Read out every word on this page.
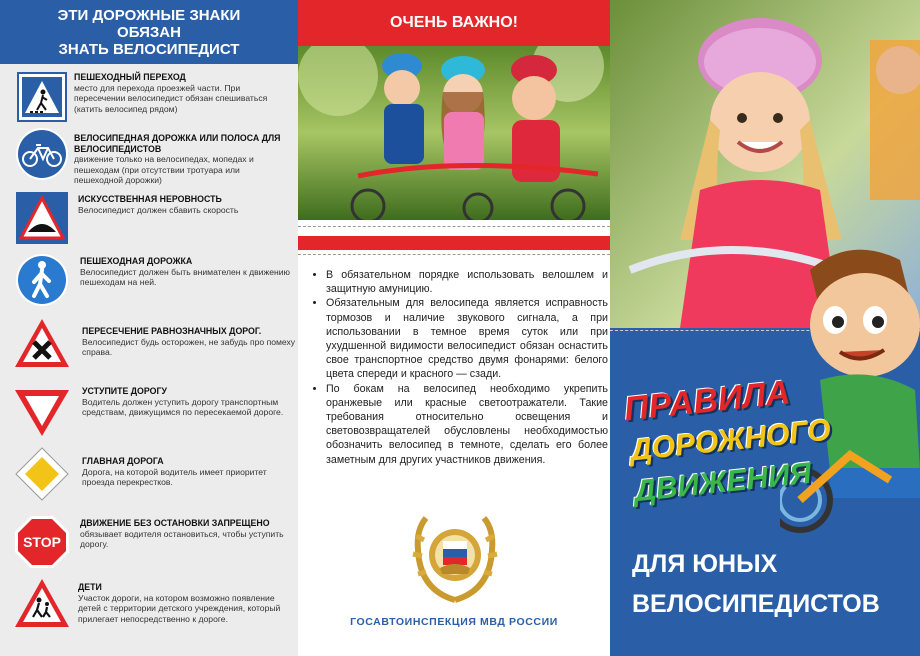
ЭТИ ДОРОЖНЫЕ ЗНАКИ ОБЯЗАН
ЗНАТЬ ВЕЛОСИПЕДИСТ
ПЕШЕХОДНЫЙ ПЕРЕХОД
место для перехода проезжей части. При пересечении велосипедист обязан спешиваться (катить велосипед рядом)
ВЕЛОСИПЕДНАЯ ДОРОЖКА ИЛИ ПОЛОСА ДЛЯ ВЕЛОСИПЕДИСТОВ
движение только на велосипедах, мопедах и пешеходам (при отсутствии тротуара или пешеходной дорожки)
ИСКУССТВЕННАЯ НЕРОВНОСТЬ
Велосипедист должен сбавить скорость
ПЕШЕХОДНАЯ ДОРОЖКА
Велосипедист должен быть внимателен к движению пешеходам на ней.
ПЕРЕСЕЧЕНИЕ РАВНОЗНАЧНЫХ ДОРОГ.
Велосипедист будь осторожен, не забудь про помеху справа.
УСТУПИТЕ ДОРОГУ
Водитель должен уступить дорогу транспортным средствам, движущимся по пересекаемой дороге.
ГЛАВНАЯ ДОРОГА
Дорога, на которой водитель имеет приоритет проезда перекрестков.
STOP
ДВИЖЕНИЕ БЕЗ ОСТАНОВКИ ЗАПРЕЩЕНО
обязывает водителя остановиться, чтобы уступить дорогу.
ДЕТИ
Участок дороги, на котором возможно появление детей с территории детского учреждения, который прилегает непосредственно к дороге.
ОЧЕНЬ ВАЖНО!
• В обязательном порядке использовать велошлем и защитную амуницию.
• Обязательным для велосипеда является исправность тормозов и наличие звукового сигнала, а при использовании в темное время суток или при ухудшенной видимости велосипедист обязан оснастить свое транспортное средство двумя фонарями: белого цвета спереди и красного — сзади.
• По бокам на велосипед необходимо укрепить оранжевые или красные светоотражатели. Такие требования относительно освещения и световозвращателей обусловлены необходимостью обозначить велосипед в темноте, сделать его более заметным для других участников движения.
ГОСАВТОИНСПЕКЦИЯ МВД РОССИИ
ПРАВИЛА
ДОРОЖНОГО
ДВИЖЕНИЯ
ДЛЯ ЮНЫХ
ВЕЛОСИПЕДИСТОВ
